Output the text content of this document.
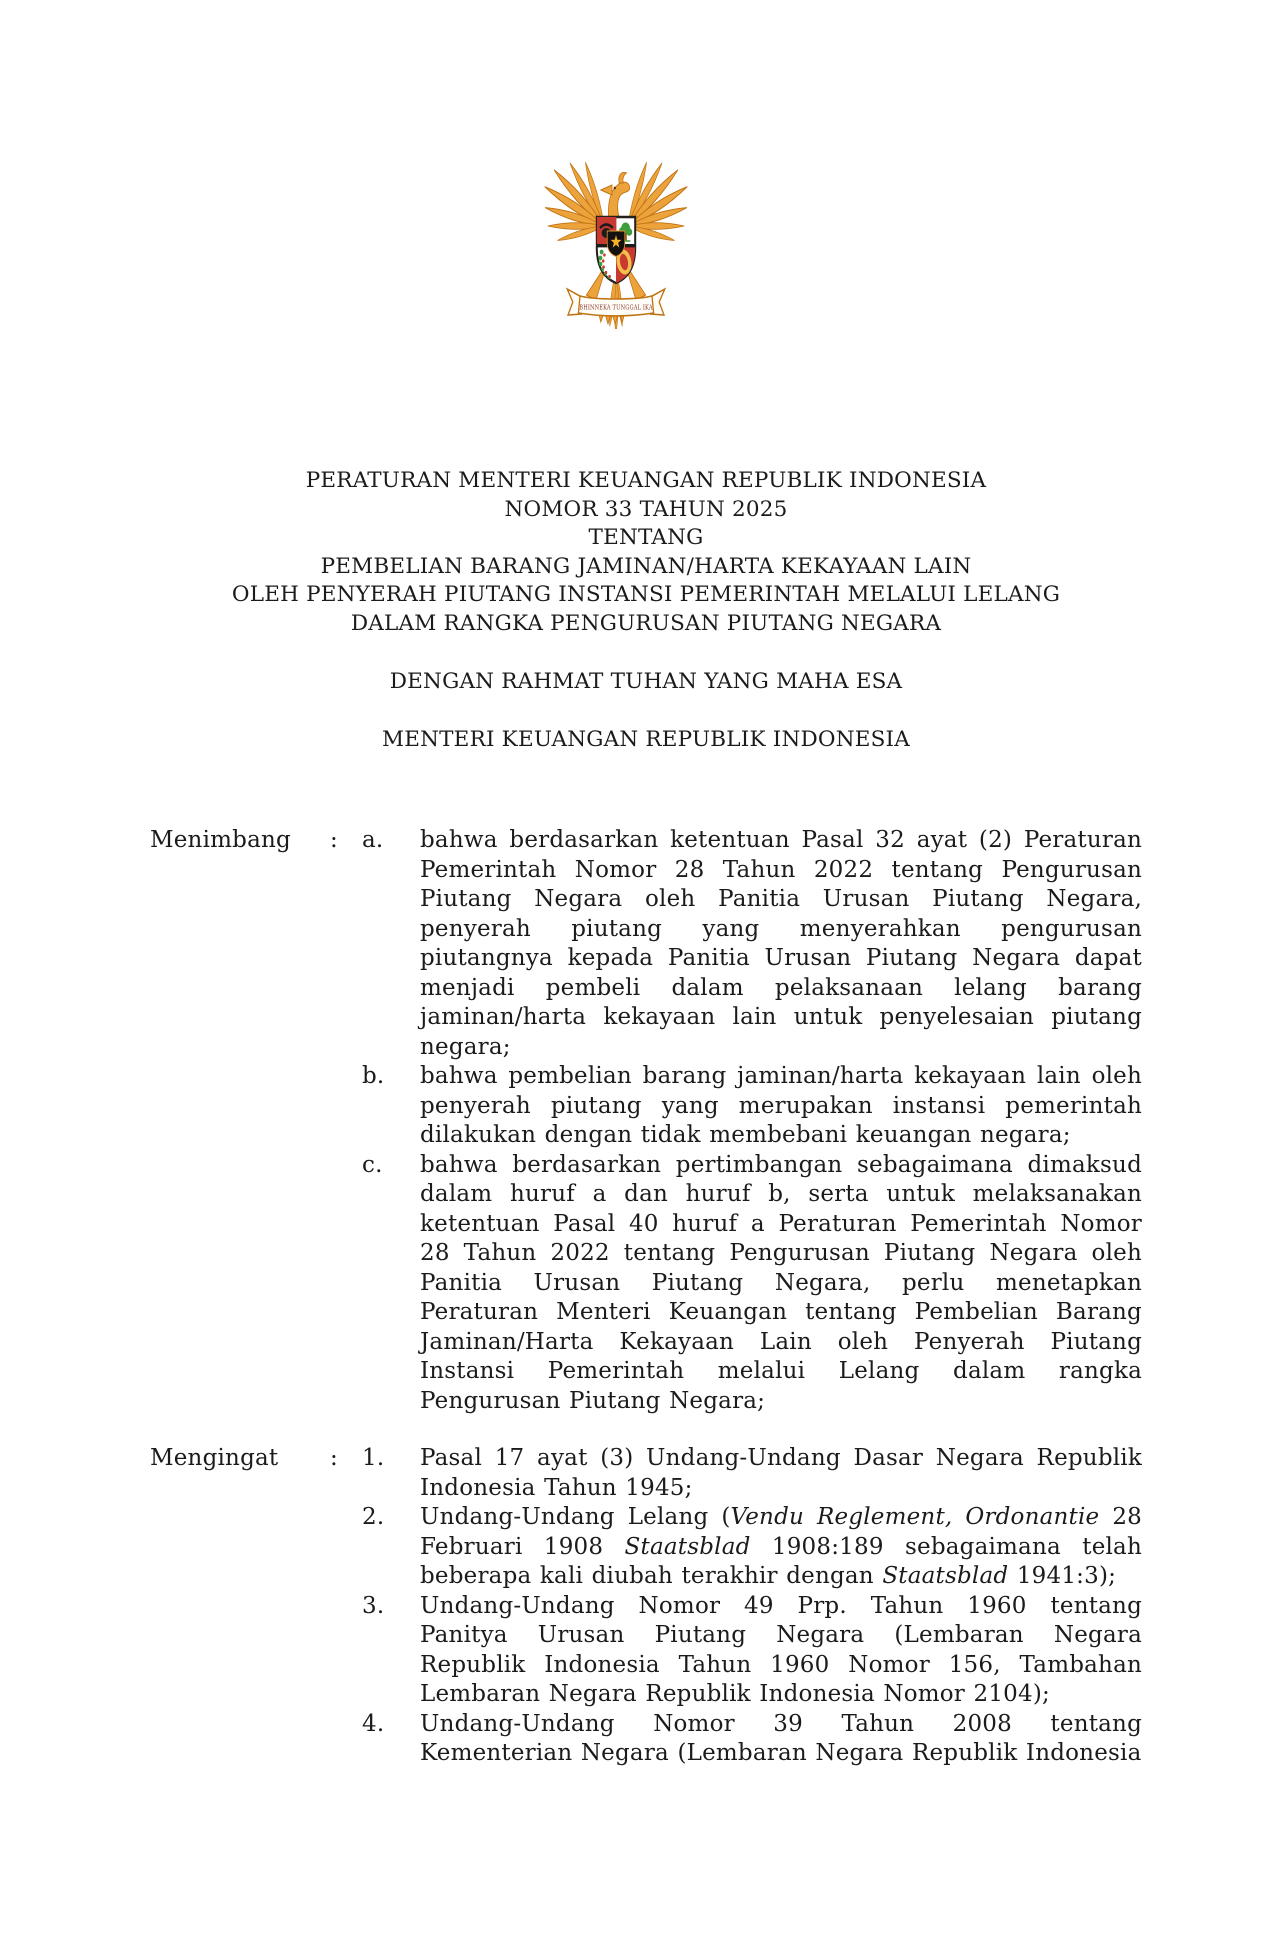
BHINNEKA TUNGGAL IKA
PERATURAN MENTERI KEUANGAN REPUBLIK INDONESIA
NOMOR 33 TAHUN 2025
TENTANG
PEMBELIAN BARANG JAMINAN/HARTA KEKAYAAN LAIN
OLEH PENYERAH PIUTANG INSTANSI PEMERINTAH MELALUI LELANG
DALAM RANGKA PENGURUSAN PIUTANG NEGARA
DENGAN RAHMAT TUHAN YANG MAHA ESA
MENTERI KEUANGAN REPUBLIK INDONESIA
Menimbang	:	a.	bahwa berdasarkan ketentuan Pasal 32 ayat (2) Peraturan Pemerintah Nomor 28 Tahun 2022 tentang Pengurusan Piutang Negara oleh Panitia Urusan Piutang Negara, penyerah piutang yang menyerahkan pengurusan piutangnya kepada Panitia Urusan Piutang Negara dapat menjadi pembeli dalam pelaksanaan lelang barang jaminan/harta kekayaan lain untuk penyelesaian piutang negara;

b.	bahwa pembelian barang jaminan/harta kekayaan lain oleh penyerah piutang yang merupakan instansi pemerintah dilakukan dengan tidak membebani keuangan negara;

c.	bahwa berdasarkan pertimbangan sebagaimana dimaksud dalam huruf a dan huruf b, serta untuk melaksanakan ketentuan Pasal 40 huruf a Peraturan Pemerintah Nomor 28 Tahun 2022 tentang Pengurusan Piutang Negara oleh Panitia Urusan Piutang Negara, perlu menetapkan Peraturan Menteri Keuangan tentang Pembelian Barang Jaminan/Harta Kekayaan Lain oleh Penyerah Piutang Instansi Pemerintah melalui Lelang dalam rangka Pengurusan Piutang Negara;

Mengingat	:	1.	Pasal 17 ayat (3) Undang-Undang Dasar Negara Republik Indonesia Tahun 1945;

2.	Undang-Undang Lelang (Vendu Reglement, Ordonantie 28 Februari 1908 Staatsblad 1908:189 sebagaimana telah beberapa kali diubah terakhir dengan Staatsblad 1941:3);

3.	Undang-Undang Nomor 49 Prp. Tahun 1960 tentang Panitya Urusan Piutang Negara (Lembaran Negara Republik Indonesia Tahun 1960 Nomor 156, Tambahan Lembaran Negara Republik Indonesia Nomor 2104);

4.	Undang-Undang Nomor 39 Tahun 2008 tentang Kementerian Negara (Lembaran Negara Republik Indonesia
